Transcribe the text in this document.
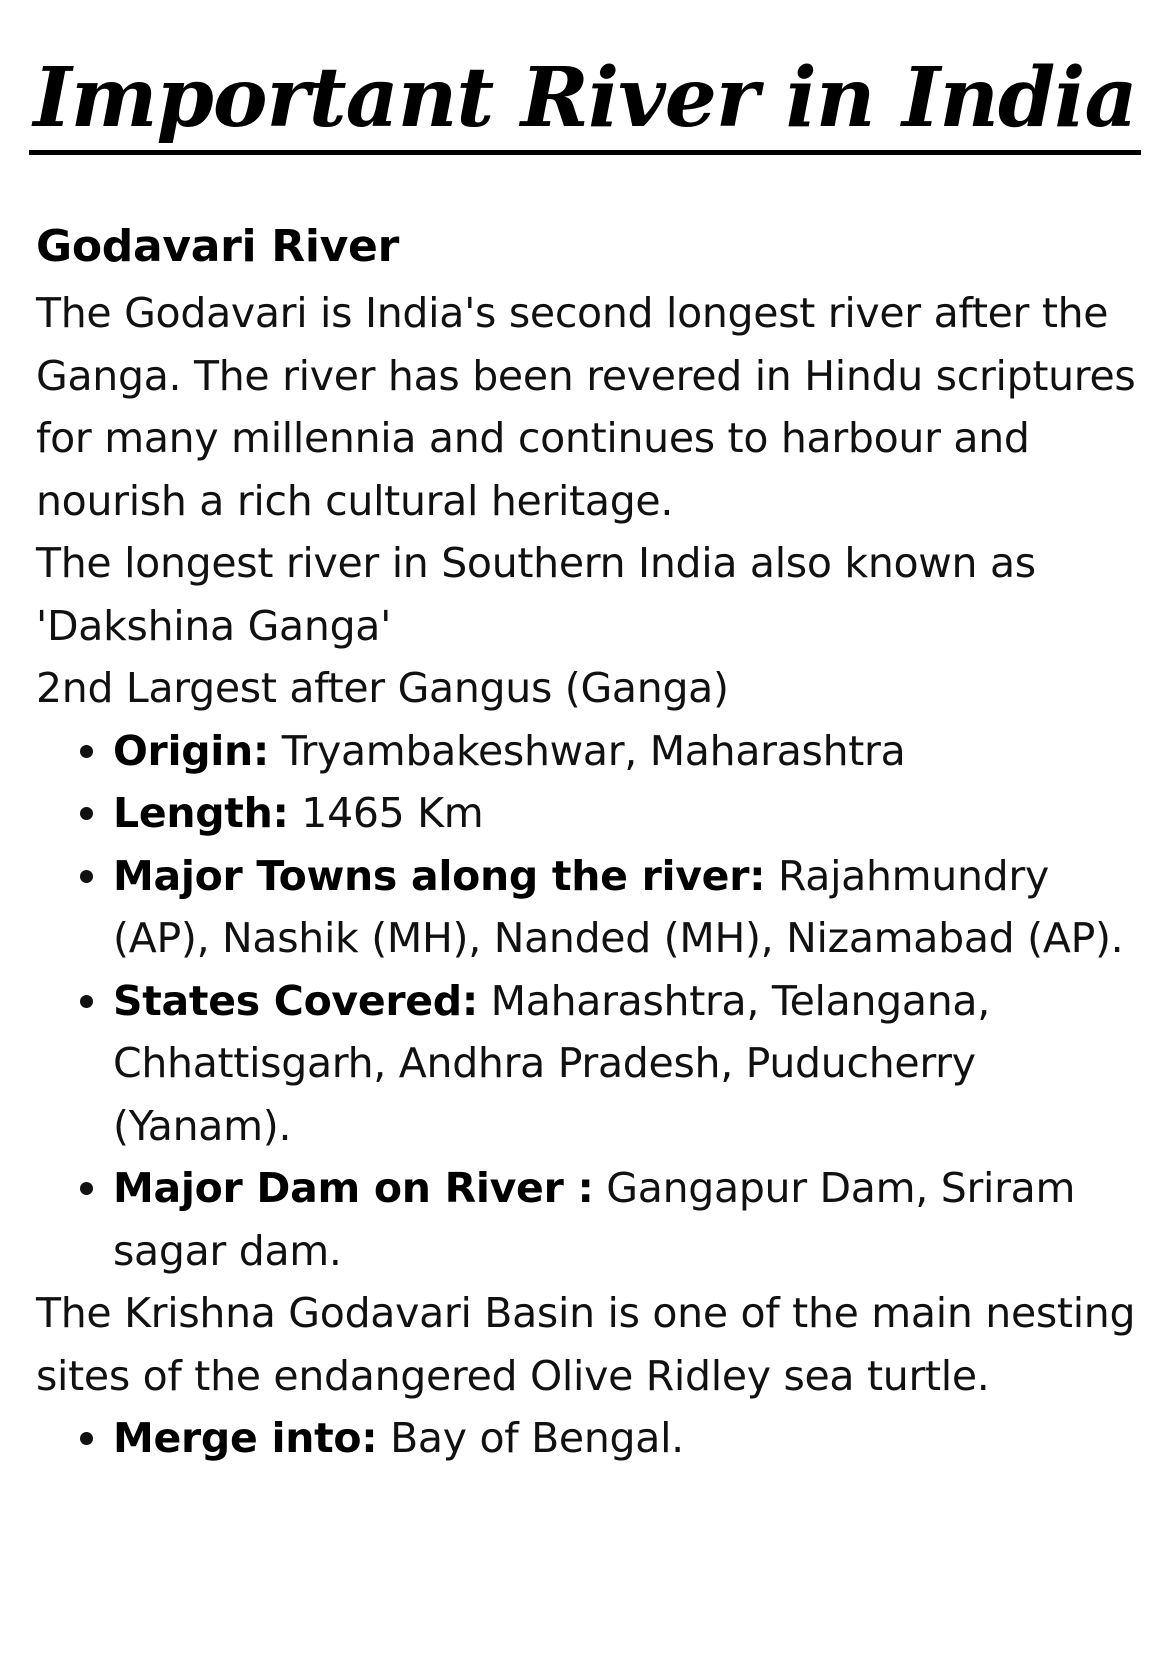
Important River in India
Godavari River

The Godavari is India's second longest river after the Ganga. The river has been revered in Hindu scriptures for many millennia and continues to harbour and nourish a rich cultural heritage.

The longest river in Southern India also known as 'Dakshina Ganga'

2nd Largest after Gangus (Ganga)

Origin: Tryambakeshwar, Maharashtra
Length: 1465 Km
Major Towns along the river: Rajahmundry (AP), Nashik (MH), Nanded (MH), Nizamabad (AP).
States Covered: Maharashtra, Telangana, Chhattisgarh, Andhra Pradesh, Puducherry (Yanam).
Major Dam on River : Gangapur Dam, Sriram sagar dam.

The Krishna Godavari Basin is one of the main nesting sites of the endangered Olive Ridley sea turtle.

Merge into: Bay of Bengal.
